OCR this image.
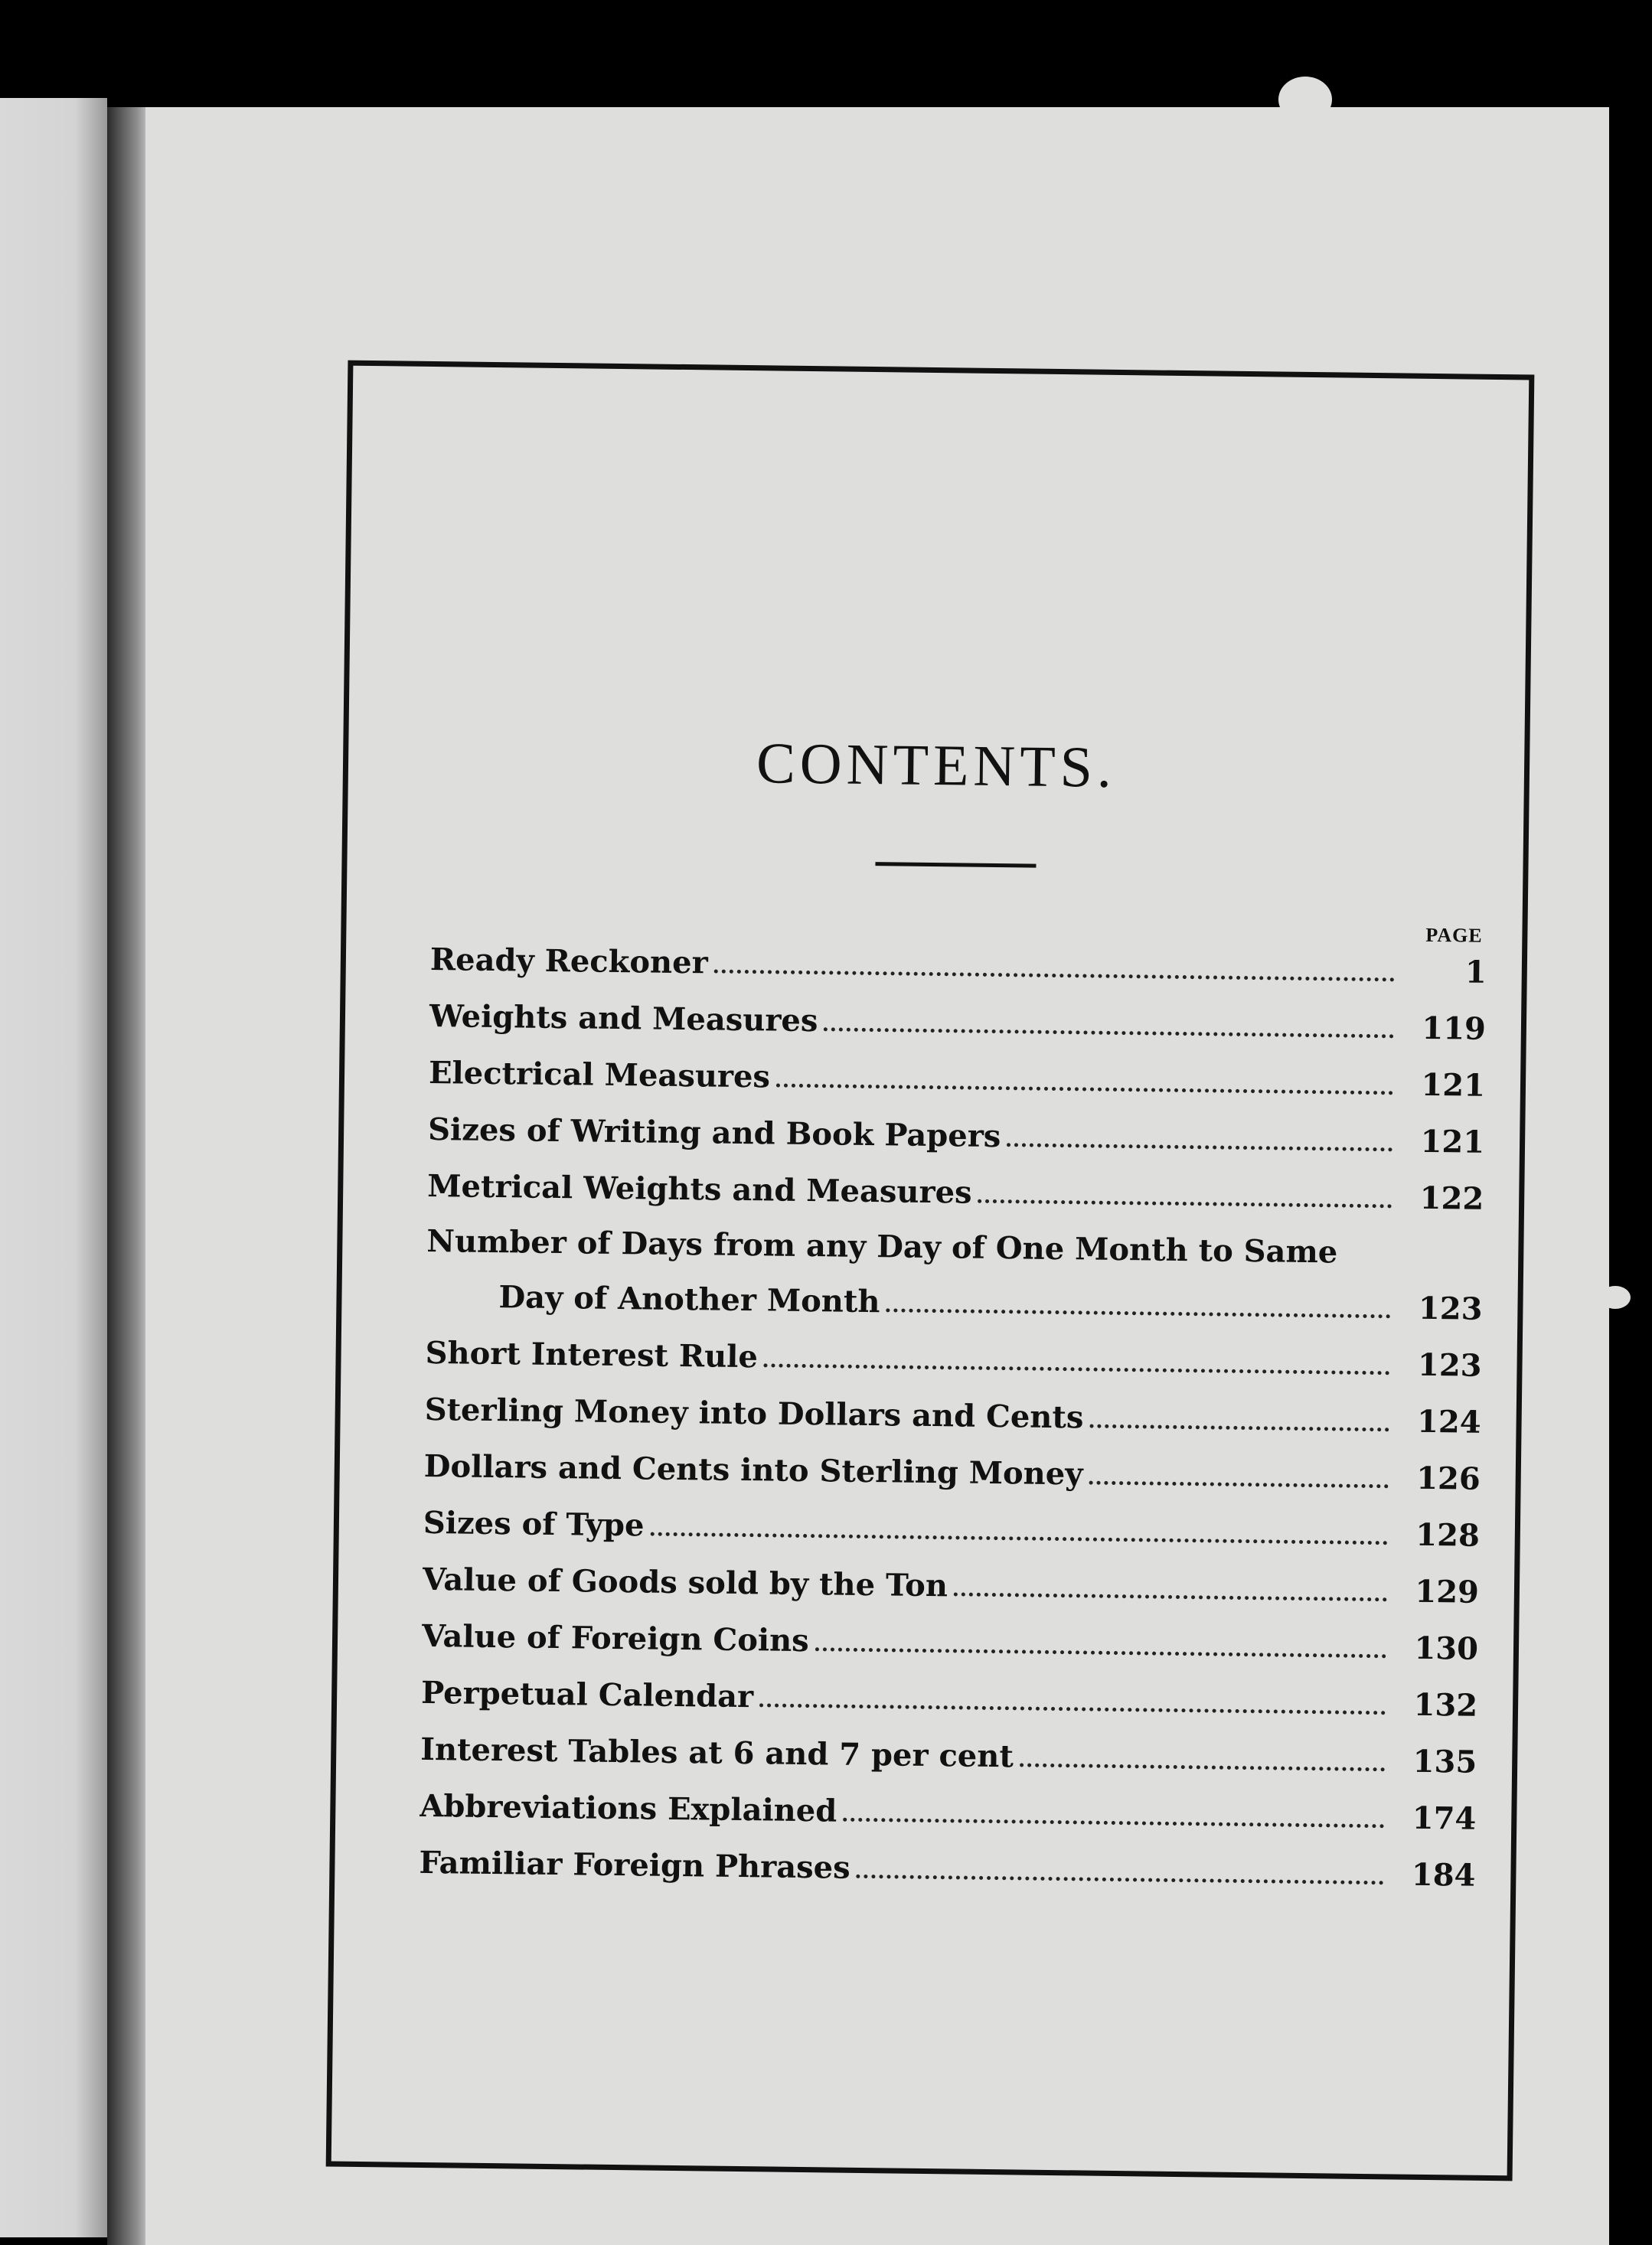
CONTENTS.
PAGE
Ready Reckoner	1
Weights and Measures	119
Electrical Measures	121
Sizes of Writing and Book Papers	121
Metrical Weights and Measures	122
Number of Days from any Day of One Month to Same
Day of Another Month	123
Short Interest Rule	123
Sterling Money into Dollars and Cents	124
Dollars and Cents into Sterling Money	126
Sizes of Type	128
Value of Goods sold by the Ton	129
Value of Foreign Coins	130
Perpetual Calendar	132
Interest Tables at 6 and 7 per cent	135
Abbreviations Explained	174
Familiar Foreign Phrases	184
